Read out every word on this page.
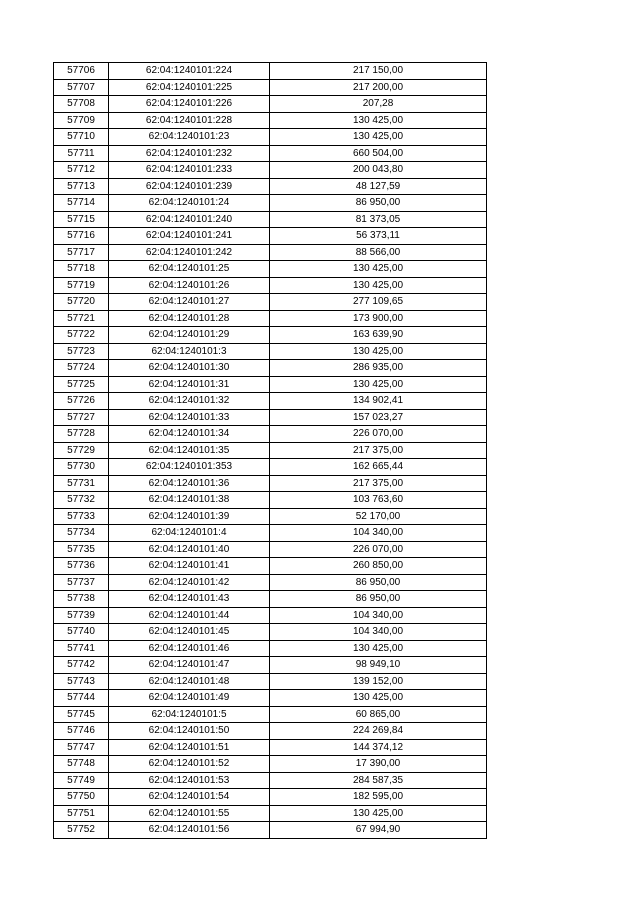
57706	62:04:1240101:224	217 150,00
57707	62:04:1240101:225	217 200,00
57708	62:04:1240101:226	207,28
57709	62:04:1240101:228	130 425,00
57710	62:04:1240101:23	130 425,00
57711	62:04:1240101:232	660 504,00
57712	62:04:1240101:233	200 043,80
57713	62:04:1240101:239	48 127,59
57714	62:04:1240101:24	86 950,00
57715	62:04:1240101:240	81 373,05
57716	62:04:1240101:241	56 373,11
57717	62:04:1240101:242	88 566,00
57718	62:04:1240101:25	130 425,00
57719	62:04:1240101:26	130 425,00
57720	62:04:1240101:27	277 109,65
57721	62:04:1240101:28	173 900,00
57722	62:04:1240101:29	163 639,90
57723	62:04:1240101:3	130 425,00
57724	62:04:1240101:30	286 935,00
57725	62:04:1240101:31	130 425,00
57726	62:04:1240101:32	134 902,41
57727	62:04:1240101:33	157 023,27
57728	62:04:1240101:34	226 070,00
57729	62:04:1240101:35	217 375,00
57730	62:04:1240101:353	162 665,44
57731	62:04:1240101:36	217 375,00
57732	62:04:1240101:38	103 763,60
57733	62:04:1240101:39	52 170,00
57734	62:04:1240101:4	104 340,00
57735	62:04:1240101:40	226 070,00
57736	62:04:1240101:41	260 850,00
57737	62:04:1240101:42	86 950,00
57738	62:04:1240101:43	86 950,00
57739	62:04:1240101:44	104 340,00
57740	62:04:1240101:45	104 340,00
57741	62:04:1240101:46	130 425,00
57742	62:04:1240101:47	98 949,10
57743	62:04:1240101:48	139 152,00
57744	62:04:1240101:49	130 425,00
57745	62:04:1240101:5	60 865,00
57746	62:04:1240101:50	224 269,84
57747	62:04:1240101:51	144 374,12
57748	62:04:1240101:52	17 390,00
57749	62:04:1240101:53	284 587,35
57750	62:04:1240101:54	182 595,00
57751	62:04:1240101:55	130 425,00
57752	62:04:1240101:56	67 994,90
